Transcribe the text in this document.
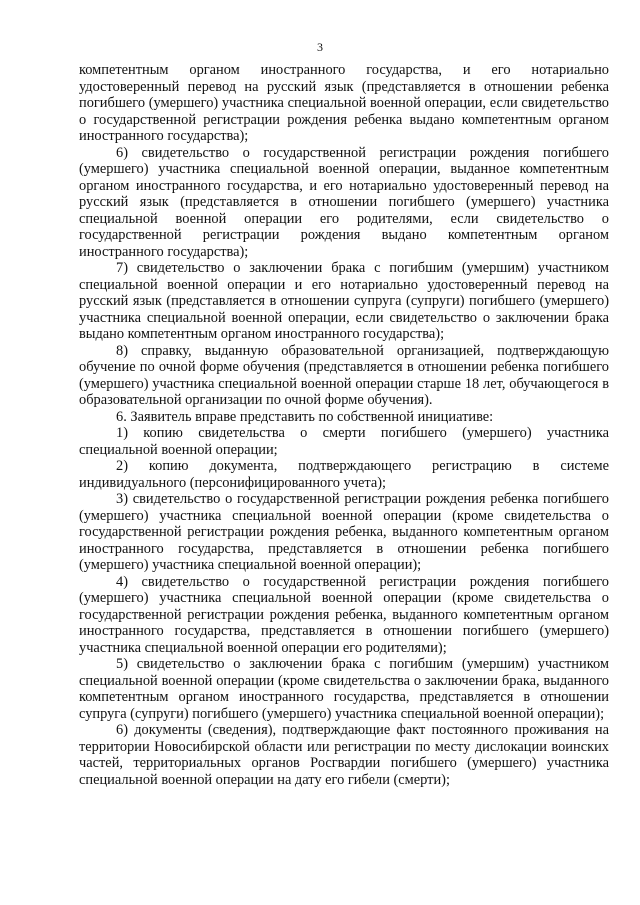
3

компетентным органом иностранного государства, и его нотариально удостоверенный перевод на русский язык (представляется в отношении ребенка погибшего (умершего) участника специальной военной операции, если свидетельство о государственной регистрации рождения ребенка выдано компетентным органом иностранного государства);

6) свидетельство о государственной регистрации рождения погибшего (умершего) участника специальной военной операции, выданное компетентным органом иностранного государства, и его нотариально удостоверенный перевод на русский язык (представляется в отношении погибшего (умершего) участника специальной военной операции его родителями, если свидетельство о государственной регистрации рождения выдано компетентным органом иностранного государства);

7) свидетельство о заключении брака с погибшим (умершим) участником специальной военной операции и его нотариально удостоверенный перевод на русский язык (представляется в отношении супруга (супруги) погибшего (умершего) участника специальной военной операции, если свидетельство о заключении брака выдано компетентным органом иностранного государства);

8) справку, выданную образовательной организацией, подтверждающую обучение по очной форме обучения (представляется в отношении ребенка погибшего (умершего) участника специальной военной операции старше 18 лет, обучающегося в образовательной организации по очной форме обучения).

6. Заявитель вправе представить по собственной инициативе:

1) копию свидетельства о смерти погибшего (умершего) участника специальной военной операции;

2) копию документа, подтверждающего регистрацию в системе индивидуального (персонифицированного учета);

3) свидетельство о государственной регистрации рождения ребенка погибшего (умершего) участника специальной военной операции (кроме свидетельства о государственной регистрации рождения ребенка, выданного компетентным органом иностранного государства, представляется в отношении ребенка погибшего (умершего) участника специальной военной операции);

4) свидетельство о государственной регистрации рождения погибшего (умершего) участника специальной военной операции (кроме свидетельства о государственной регистрации рождения ребенка, выданного компетентным органом иностранного государства, представляется в отношении погибшего (умершего) участника специальной военной операции его родителями);

5) свидетельство о заключении брака с погибшим (умершим) участником специальной военной операции (кроме свидетельства о заключении брака, выданного компетентным органом иностранного государства, представляется в отношении супруга (супруги) погибшего (умершего) участника специальной военной операции);

6) документы (сведения), подтверждающие факт постоянного проживания на территории Новосибирской области или регистрации по месту дислокации воинских частей, территориальных органов Росгвардии погибшего (умершего) участника специальной военной операции на дату его гибели (смерти);
